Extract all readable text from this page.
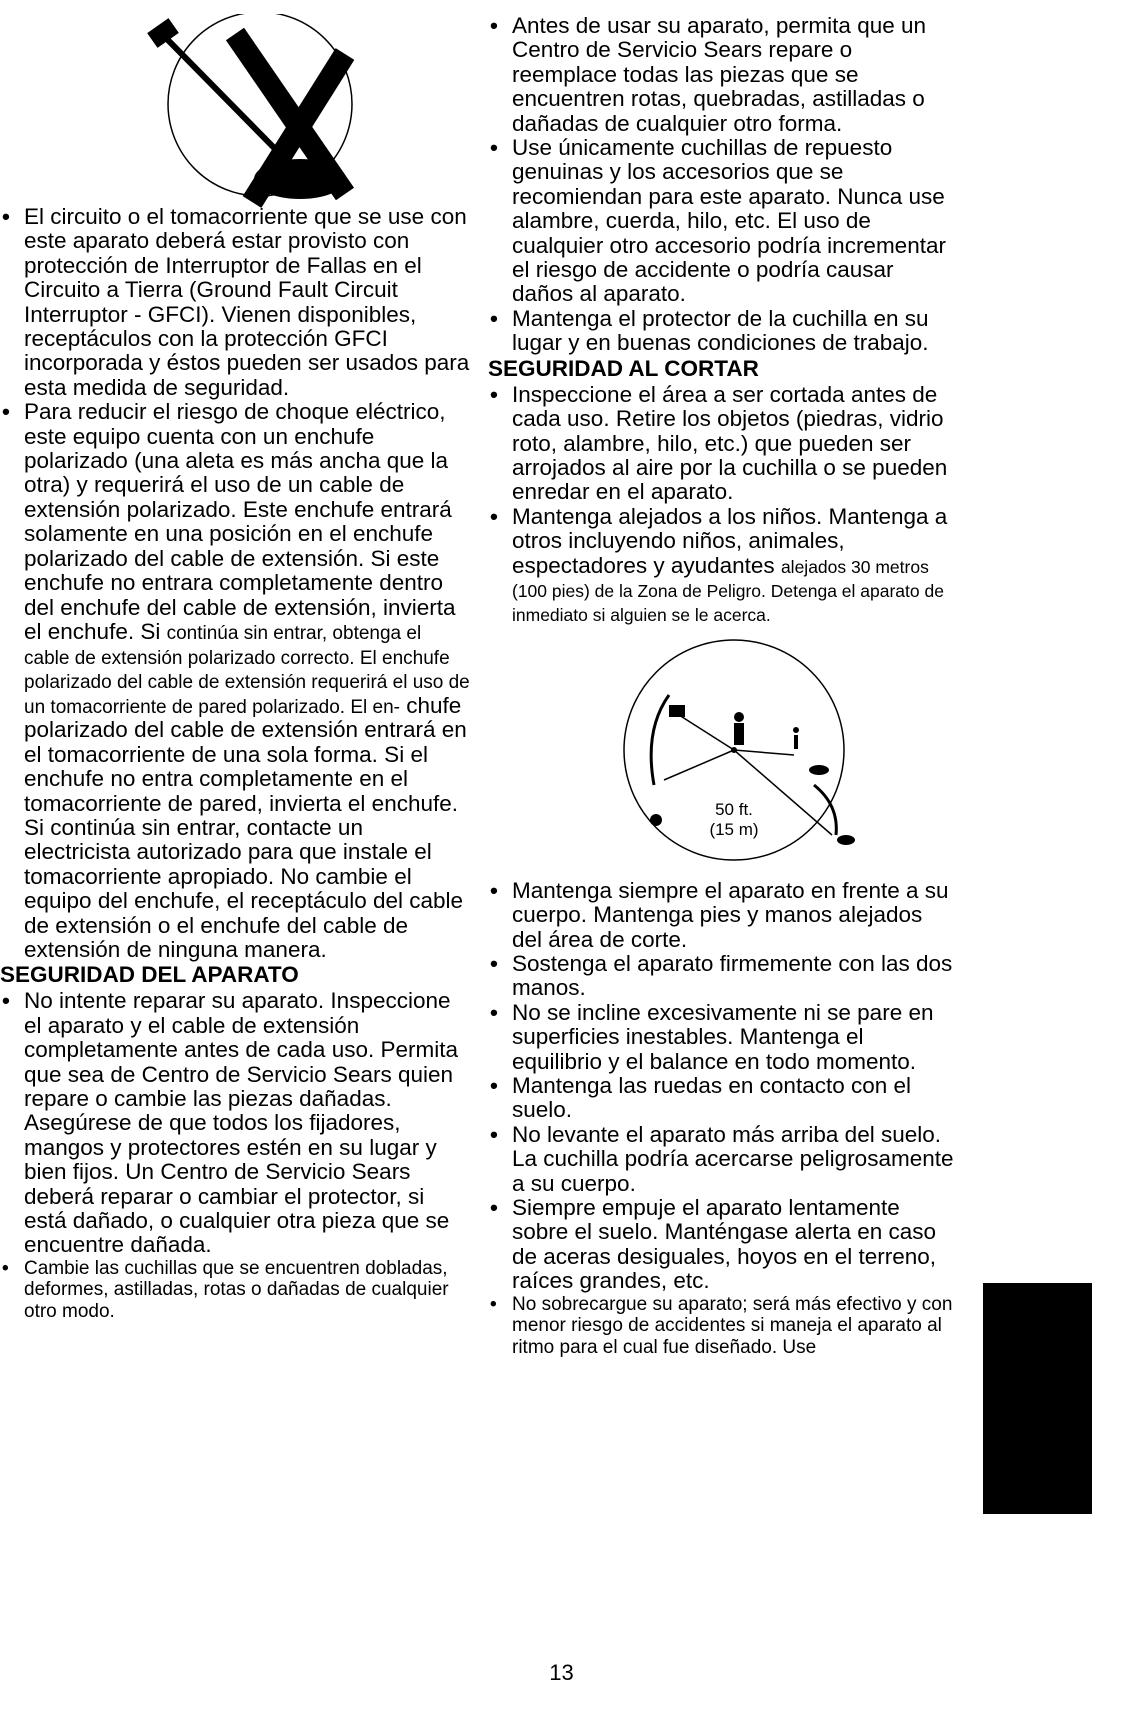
• El circuito o el tomacorriente que se use con este aparato deberá estar provisto con protección de Interruptor de Fallas en el Circuito a Tierra (Ground Fault Circuit Interruptor - GFCI). Vienen disponibles, receptáculos con la protección GFCI incorporada y éstos pueden ser usados para esta medida de seguridad.
• Para reducir el riesgo de choque eléctrico, este equipo cuenta con un enchufe polarizado (una aleta es más ancha que la otra) y requerirá el uso de un cable de extensión polarizado. Este enchufe entrará solamente en una posición en el enchufe polarizado del cable de extensión. Si este enchufe no entrara completamente dentro del enchufe del cable de extensión, invierta el enchufe. Si continúa sin entrar, obtenga el cable de extensión polarizado correcto. El enchufe polarizado del cable de extensión requerirá el uso de un tomacorriente de pared polarizado. El en- chufe polarizado del cable de extensión entrará en el tomacorriente de una sola forma. Si el enchufe no entra completamente en el tomacorriente de pared, invierta el enchufe. Si continúa sin entrar, contacte un electricista autorizado para que instale el tomacorriente apropiado. No cambie el equipo del enchufe, el receptáculo del cable de extensión o el enchufe del cable de extensión de ninguna manera.
SEGURIDAD DEL APARATO
• No intente reparar su aparato. Inspeccione el aparato y el cable de extensión completamente antes de cada uso. Permita que sea de Centro de Servicio Sears quien repare o cambie las piezas dañadas. Asegúrese de que todos los fijadores, mangos y protectores estén en su lugar y bien fijos. Un Centro de Servicio Sears deberá reparar o cambiar el protector, si está dañado, o cualquier otra pieza que se encuentre dañada.
• Cambie las cuchillas que se encuentren dobladas, deformes, astilladas, rotas o dañadas de cualquier otro modo.
• Antes de usar su aparato, permita que un Centro de Servicio Sears repare o reemplace todas las piezas que se encuentren rotas, quebradas, astilladas o dañadas de cualquier otro forma.
• Use únicamente cuchillas de repuesto genuinas y los accesorios que se recomiendan para este aparato. Nunca use alambre, cuerda, hilo, etc. El uso de cualquier otro accesorio podría incrementar el riesgo de accidente o podría causar daños al aparato.
• Mantenga el protector de la cuchilla en su lugar y en buenas condiciones de trabajo.
SEGURIDAD AL CORTAR
• Inspeccione el área a ser cortada antes de cada uso. Retire los objetos (piedras, vidrio roto, alambre, hilo, etc.) que pueden ser arrojados al aire por la cuchilla o se pueden enredar en el aparato.
• Mantenga alejados a los niños. Mantenga a otros incluyendo niños, animales, espectadores y ayudantes alejados 30 metros (100 pies) de la Zona de Peligro. Detenga el aparato de inmediato si alguien se le acerca.
50 ft.
(15 m)
• Mantenga siempre el aparato en frente a su cuerpo. Mantenga pies y manos alejados del área de corte.
• Sostenga el aparato firmemente con las dos manos.
• No se incline excesivamente ni se pare en superficies inestables. Mantenga el equilibrio y el balance en todo momento.
• Mantenga las ruedas en contacto con el suelo.
• No levante el aparato más arriba del suelo. La cuchilla podría acercarse peligrosamente a su cuerpo.
• Siempre empuje el aparato lentamente sobre el suelo. Manténgase alerta en caso de aceras desiguales, hoyos en el terreno, raíces grandes, etc.
• No sobrecargue su aparato; será más efectivo y con menor riesgo de accidentes si maneja el aparato al ritmo para el cual fue diseñado. Use
13
